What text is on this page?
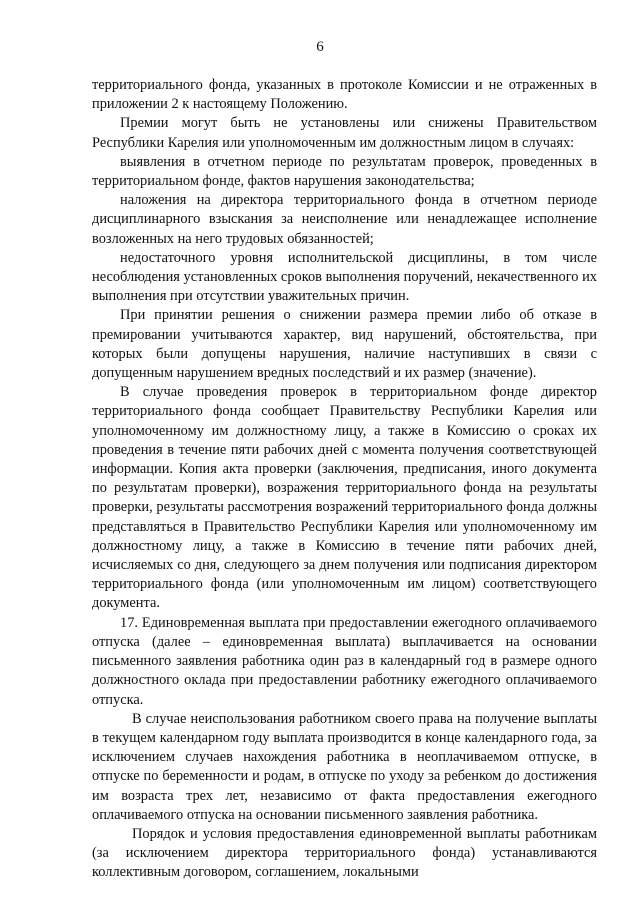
6

территориального фонда, указанных в протоколе Комиссии и не отраженных в приложении 2 к настоящему Положению.

Премии могут быть не установлены или снижены Правительством Республики Карелия или уполномоченным им должностным лицом в случаях:

выявления в отчетном периоде по результатам проверок, проведенных в территориальном фонде, фактов нарушения законодательства;

наложения на директора территориального фонда в отчетном периоде дисциплинарного взыскания за неисполнение или ненадлежащее исполнение возложенных на него трудовых обязанностей;

недостаточного уровня исполнительской дисциплины, в том числе несоблюдения установленных сроков выполнения поручений, некачественного их выполнения при отсутствии уважительных причин.

При принятии решения о снижении размера премии либо об отказе в премировании учитываются характер, вид нарушений, обстоятельства, при которых были допущены нарушения, наличие наступивших в связи с допущенным нарушением вредных последствий и их размер (значение).

В случае проведения проверок в территориальном фонде директор территориального фонда сообщает Правительству Республики Карелия или уполномоченному им должностному лицу, а также в Комиссию о сроках их проведения в течение пяти рабочих дней с момента получения соответствующей информации. Копия акта проверки (заключения, предписания, иного документа по результатам проверки), возражения территориального фонда на результаты проверки, результаты рассмотрения возражений территориального фонда должны представляться в Правительство Республики Карелия или уполномоченному им должностному лицу, а также в Комиссию в течение пяти рабочих дней, исчисляемых со дня, следующего за днем получения или подписания директором территориального фонда (или уполномоченным им лицом) соответствующего документа.

17. Единовременная выплата при предоставлении ежегодного оплачиваемого отпуска (далее – единовременная выплата) выплачивается на основании письменного заявления работника один раз в календарный год в размере одного должностного оклада при предоставлении работнику ежегодного оплачиваемого отпуска.

В случае неиспользования работником своего права на получение выплаты в текущем календарном году выплата производится в конце календарного года, за исключением случаев нахождения работника в неоплачиваемом отпуске, в отпуске по беременности и родам, в отпуске по уходу за ребенком до достижения им возраста трех лет, независимо от факта предоставления ежегодного оплачиваемого отпуска на основании письменного заявления работника.

Порядок и условия предоставления единовременной выплаты работникам (за исключением директора территориального фонда) устанавливаются коллективным договором, соглашением, локальными
